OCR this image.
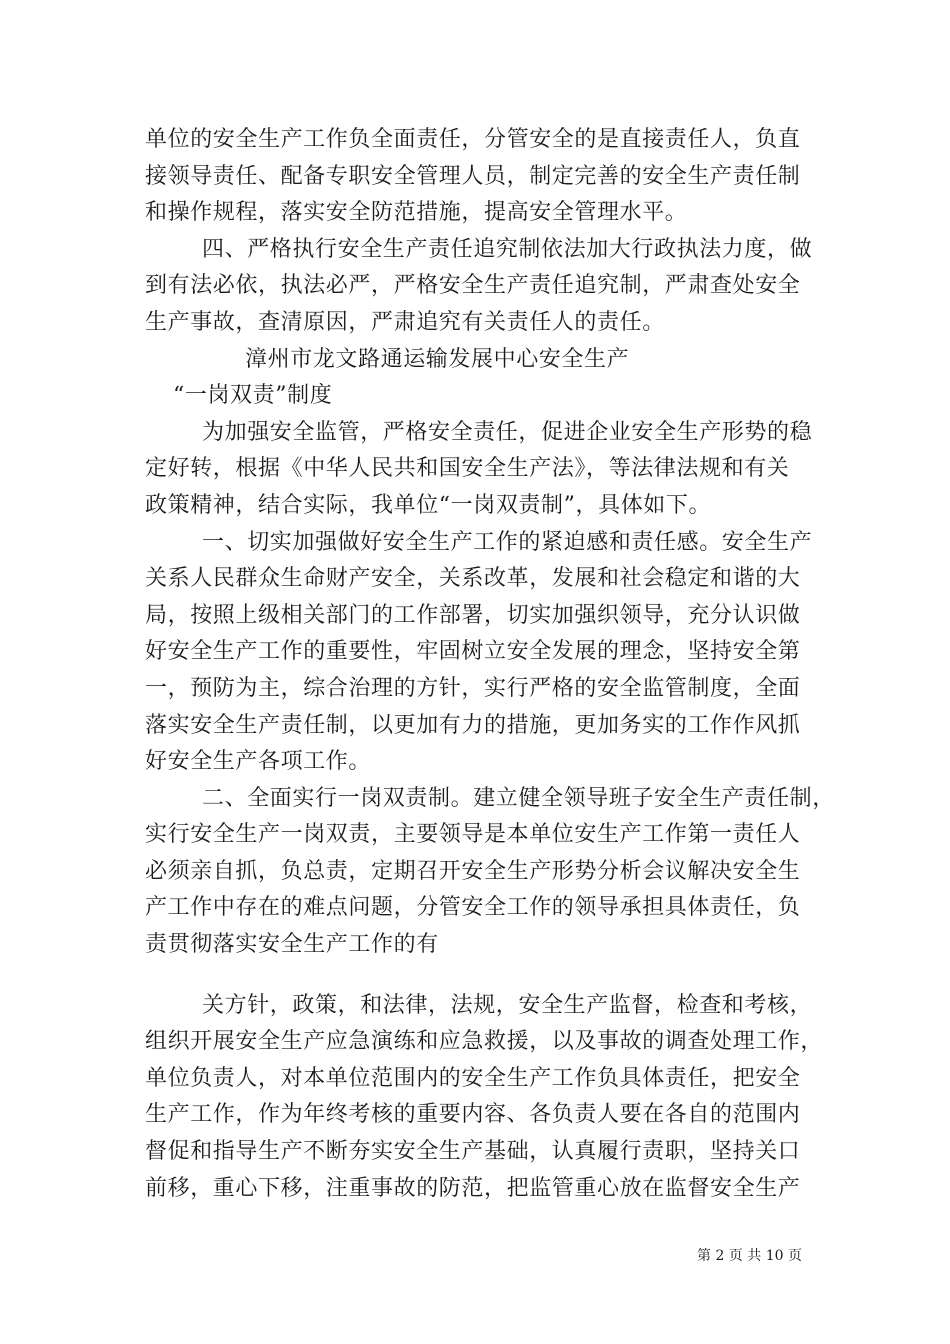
单位的安全生产工作负全面责任，分管安全的是直接责任人，负直
接领导责任、配备专职安全管理人员，制定完善的安全生产责任制
和操作规程，落实安全防范措施，提高安全管理水平。
四、严格执行安全生产责任追究制依法加大行政执法力度，做
到有法必依，执法必严，严格安全生产责任追究制，严肃查处安全
生产事故，查清原因，严肃追究有关责任人的责任。
漳州市龙文路通运输发展中心安全生产
“一岗双责”制度
为加强安全监管，严格安全责任，促进企业安全生产形势的稳
定好转，根据《中华人民共和国安全生产法》，等法律法规和有关
政策精神，结合实际，我单位“一岗双责制”，具体如下。
一、切实加强做好安全生产工作的紧迫感和责任感。安全生产
关系人民群众生命财产安全，关系改革，发展和社会稳定和谐的大
局，按照上级相关部门的工作部署，切实加强织领导，充分认识做
好安全生产工作的重要性，牢固树立安全发展的理念，坚持安全第
一，预防为主，综合治理的方针，实行严格的安全监管制度，全面
落实安全生产责任制，以更加有力的措施，更加务实的工作作风抓
好安全生产各项工作。
二、全面实行一岗双责制。建立健全领导班子安全生产责任制，
实行安全生产一岗双责，主要领导是本单位安生产工作第一责任人
必须亲自抓，负总责，定期召开安全生产形势分析会议解决安全生
产工作中存在的难点问题，分管安全工作的领导承担具体责任，负
责贯彻落实安全生产工作的有
关方针，政策，和法律，法规，安全生产监督，检查和考核，
组织开展安全生产应急演练和应急救援，以及事故的调查处理工作，
单位负责人，对本单位范围内的安全生产工作负具体责任，把安全
生产工作，作为年终考核的重要内容、各负责人要在各自的范围内
督促和指导生产不断夯实安全生产基础，认真履行责职，坚持关口
前移，重心下移，注重事故的防范，把监管重心放在监督安全生产
第 2 页 共 10 页
